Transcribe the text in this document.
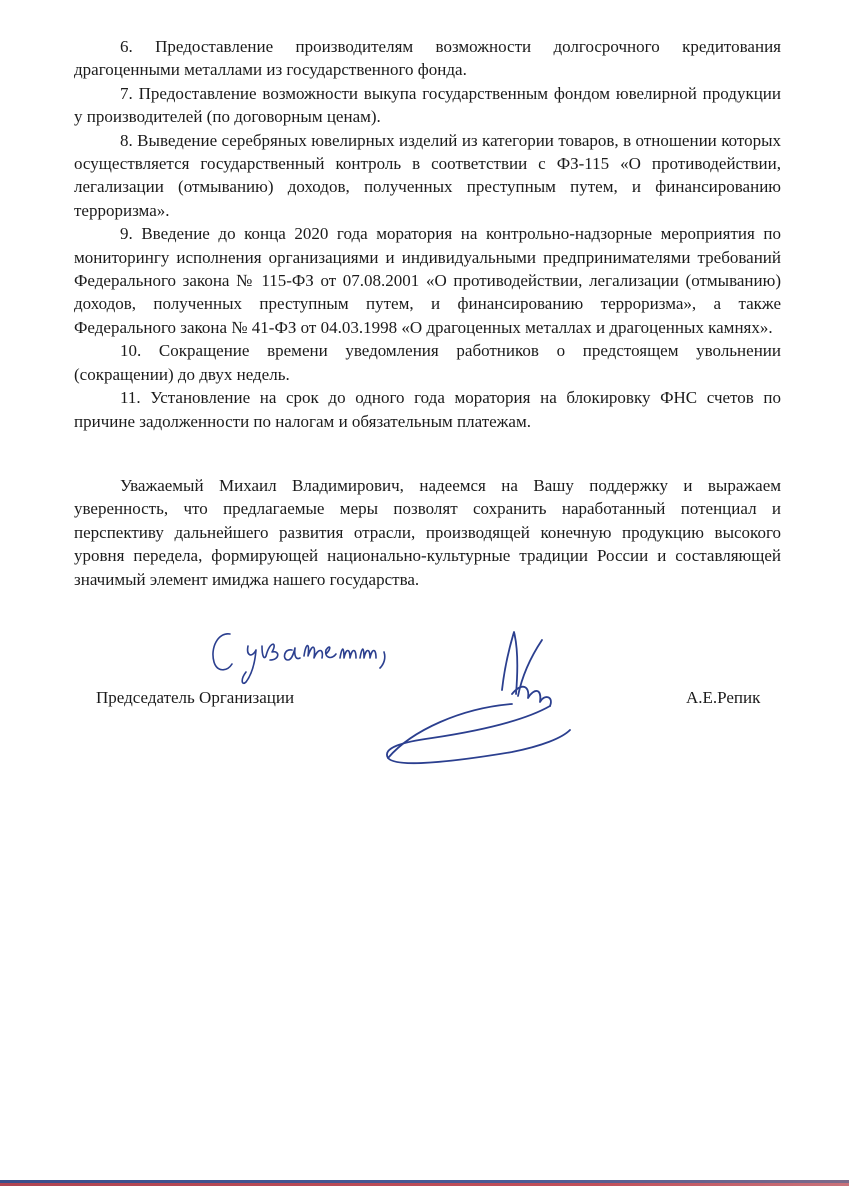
6. Предоставление производителям возможности долгосрочного кредитования драгоценными металлами из государственного фонда.

7. Предоставление возможности выкупа государственным фондом ювелирной продукции у производителей (по договорным ценам).

8. Выведение серебряных ювелирных изделий из категории товаров, в отношении которых осуществляется государственный контроль в соответствии с ФЗ-115 «О противодействии, легализации (отмыванию) доходов, полученных преступным путем, и финансированию терроризма».

9. Введение до конца 2020 года моратория на контрольно-надзорные мероприятия по мониторингу исполнения организациями и индивидуальными предпринимателями требований Федерального закона № 115-ФЗ от 07.08.2001 «О противодействии, легализации (отмыванию) доходов, полученных преступным путем, и финансированию терроризма», а также Федерального закона № 41-ФЗ от 04.03.1998 «О драгоценных металлах и драгоценных камнях».

10. Сокращение времени уведомления работников о предстоящем увольнении (сокращении) до двух недель.

11. Установление на срок до одного года моратория на блокировку ФНС счетов по причине задолженности по налогам и обязательным платежам.

Уважаемый Михаил Владимирович, надеемся на Вашу поддержку и выражаем уверенность, что предлагаемые меры позволят сохранить наработанный потенциал и перспективу дальнейшего развития отрасли, производящей конечную продукцию высокого уровня передела, формирующей национально-культурные традиции России и составляющей значимый элемент имиджа нашего государства.

Председатель Организации	А.Е.Репик
